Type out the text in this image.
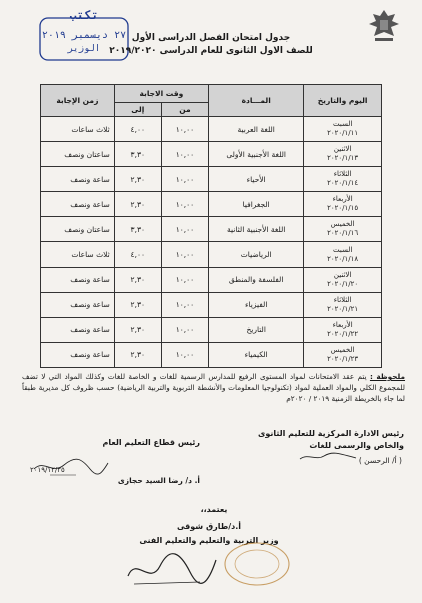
تكتب
٢٧ ديسمبر ٢٠١٩
الوزير
جدول امتحان الفصل الدراسى الأول
للصف الاول الثانوى للعام الدراسى ٢٠١٩/٢٠٢٠
اليوم والتاريخ	المـــادة	وقت الاجابة		زمن الإجابة
		من	إلى	

السبت
٢٠٢٠/١/١١	اللغة العربية	١٠,٠٠	٤,٠٠	ثلاث ساعات

الاثنين
٢٠٢٠/١/١٣	اللغة الأجنبية الأولى	١٠,٠٠	٣,٣٠	ساعتان ونصف

الثلاثاء
٢٠٢٠/١/١٤	الأحياء	١٠,٠٠	٢,٣٠	ساعة ونصف

الأربعاء
٢٠٢٠/١/١٥	الجغرافيا	١٠,٠٠	٢,٣٠	ساعة ونصف

الخميس
٢٠٢٠/١/١٦	اللغة الأجنبية الثانية	١٠,٠٠	٣,٣٠	ساعتان ونصف

السبت
٢٠٢٠/١/١٨	الرياضيات	١٠,٠٠	٤,٠٠	ثلاث ساعات

الاثنين
٢٠٢٠/١/٢٠	الفلسفة والمنطق	١٠,٠٠	٢,٣٠	ساعة ونصف

الثلاثاء
٢٠٢٠/١/٢١	الفيزياء	١٠,٠٠	٢,٣٠	ساعة ونصف

الأربعاء
٢٠٢٠/١/٢٢	التاريخ	١٠,٠٠	٢,٣٠	ساعة ونصف

الخميس
٢٠٢٠/١/٢٣	الكيمياء	١٠,٠٠	٢,٣٠	ساعة ونصف
ملحوظة : يتم عقد الامتحانات لمواد المستوى الرفيع للمدارس الرسمية للغات و الخاصة للغات وكذلك المواد التي لا تضف للمجموع الكلي والمواد العملية لمواد (تكنولوجيا المعلومات والأنشطة التربوية والتربية الرياضية) حسب ظروف كل مديرية طبقاً لما جاء بالخريطة الزمنية ٢٠١٩ / ٢٠٢٠م
رئيس الادارة المركزية للتعليم الثانوى والخاص والرسمى للغات
( أ/ الرحسن )
رئيس قطاع التعليم العام
٢٠١٩/١٢/٢٥
أ. د/ رضا السيد حجازى
يعتمد،،
أ.د/طارق شوقى
وزير التربية والتعليم والتعليم الفنى
